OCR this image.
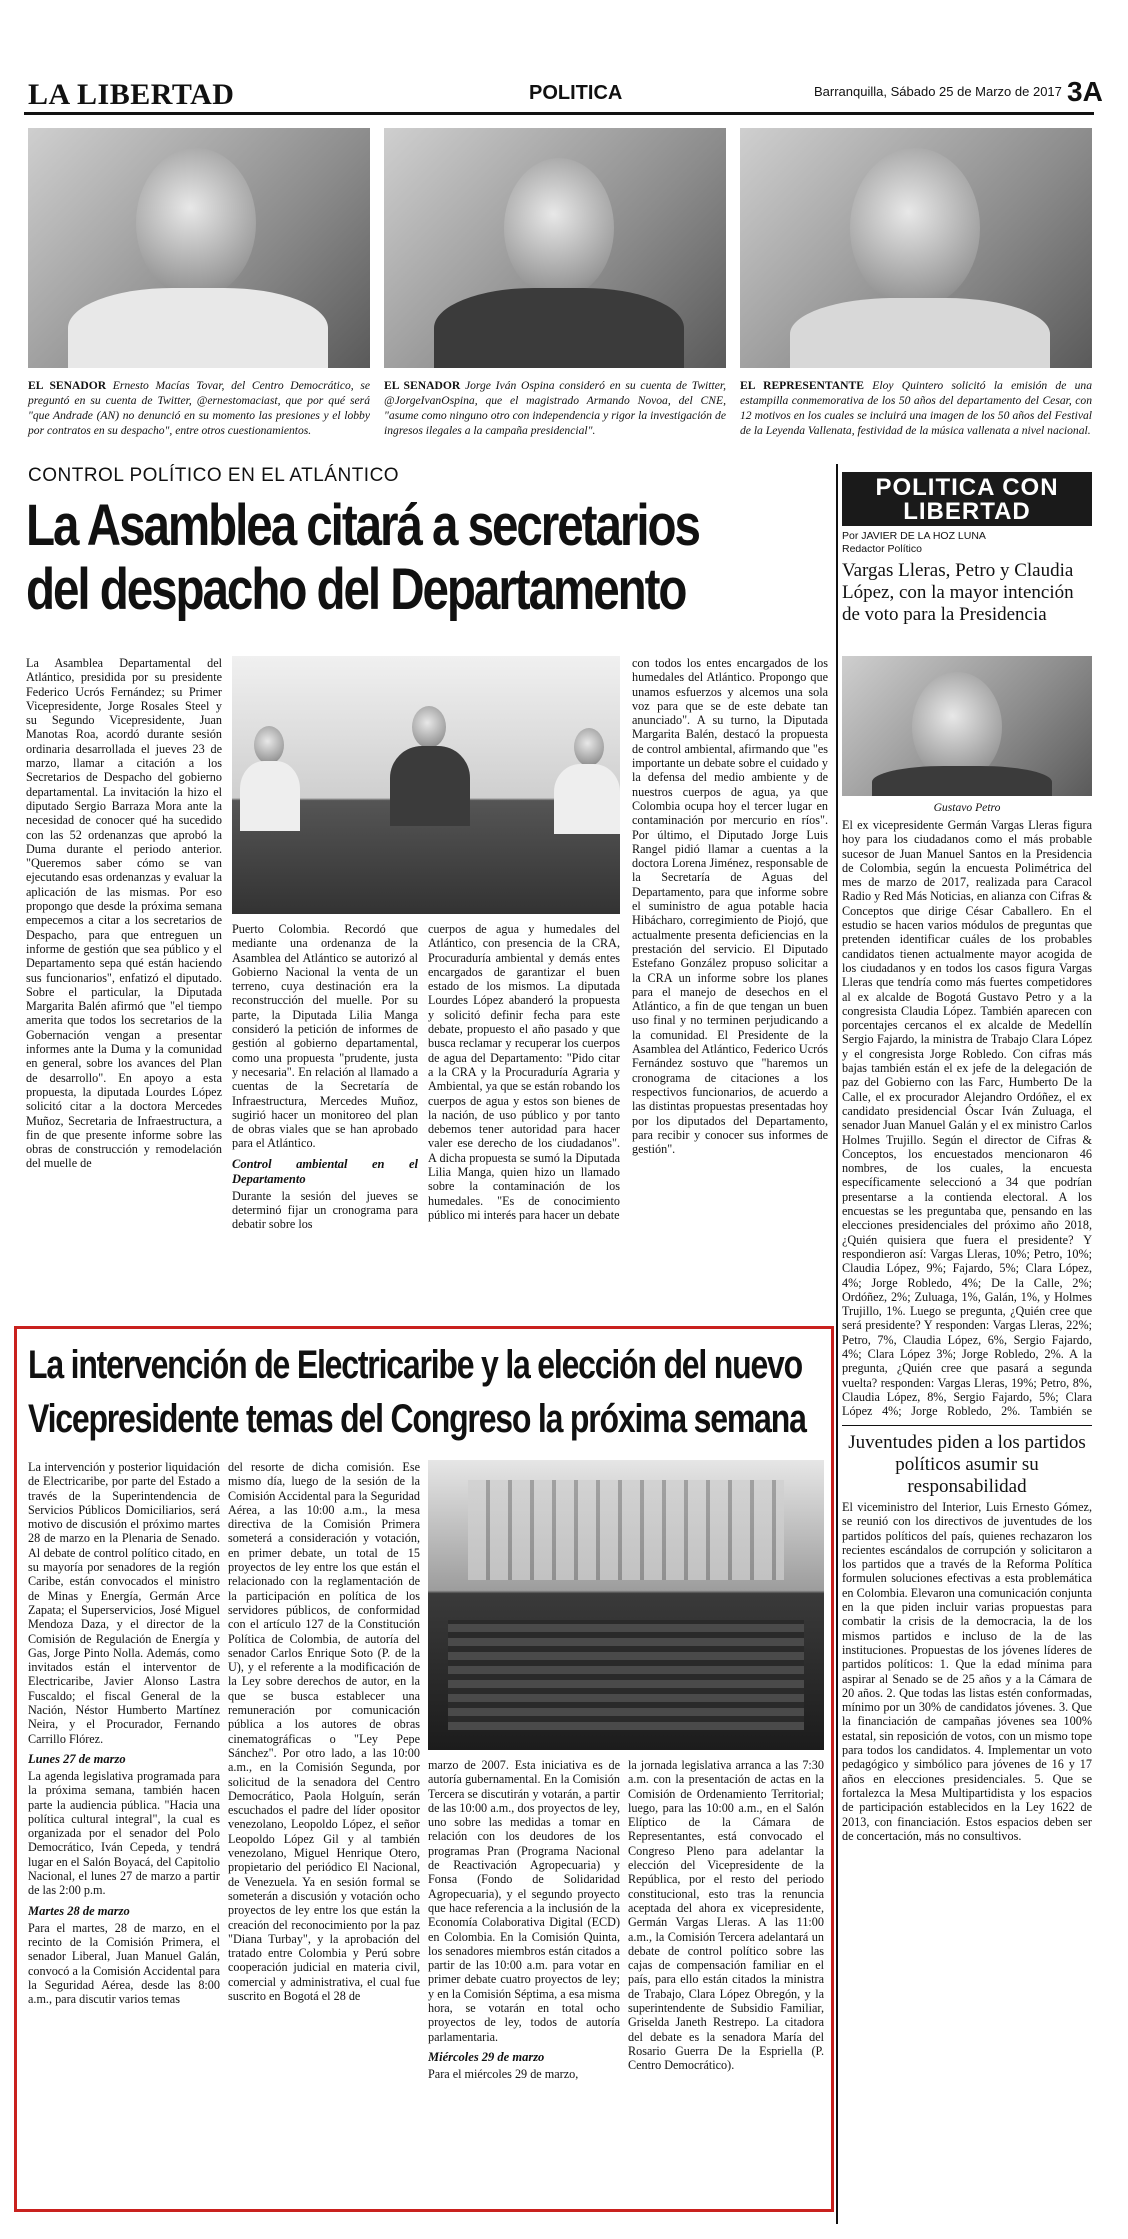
LA LIBERTAD	POLITICA	Barranquilla, Sábado 25 de Marzo de 2017 3A
EL SENADOR Ernesto Macías Tovar, del Centro Democrático, se preguntó en su cuenta de Twitter, @ernestomaciast, que por qué será "que Andrade (AN) no denunció en su momento las presiones y el lobby por contratos en su despacho", entre otros cuestionamientos.
EL SENADOR Jorge Iván Ospina consideró en su cuenta de Twitter, @JorgeIvanOspina, que el magistrado Armando Novoa, del CNE, "asume como ninguno otro con independencia y rigor la investigación de ingresos ilegales a la campaña presidencial".
EL REPRESENTANTE Eloy Quintero solicitó la emisión de una estampilla conmemorativa de los 50 años del departamento del Cesar, con 12 motivos en los cuales se incluirá una imagen de los 50 años del Festival de la Leyenda Vallenata, festividad de la música vallenata a nivel nacional.
CONTROL POLÍTICO EN EL ATLÁNTICO
La Asamblea citará a secretarios
del despacho del Departamento

La Asamblea Departamental del Atlántico, presidida por su presidente Federico Ucrós Fernández; su Primer Vicepresidente, Jorge Rosales Steel y su Segundo Vicepresidente, Juan Manotas Roa, acordó durante sesión ordinaria desarrollada el jueves 23 de marzo, llamar a citación a los Secretarios de Despacho del gobierno departamental. La invitación la hizo el diputado Sergio Barraza Mora ante la necesidad de conocer qué ha sucedido con las 52 ordenanzas que aprobó la Duma durante el periodo anterior. "Queremos saber cómo se van ejecutando esas ordenanzas y evaluar la aplicación de las mismas. Por eso propongo que desde la próxima semana empecemos a citar a los secretarios de Despacho, para que entreguen un informe de gestión que sea público y el Departamento sepa qué están haciendo sus funcionarios", enfatizó el diputado. Sobre el particular, la Diputada Margarita Balén afirmó que "el tiempo amerita que todos los secretarios de la Gobernación vengan a presentar informes ante la Duma y la comunidad en general, sobre los avances del Plan de desarrollo". En apoyo a esta propuesta, la diputada Lourdes López solicitó citar a la doctora Mercedes Muñoz, Secretaria de Infraestructura, a fin de que presente informe sobre las obras de construcción y remodelación del muelle de

Puerto Colombia. Recordó que mediante una ordenanza de la Asamblea del Atlántico se autorizó al Gobierno Nacional la venta de un terreno, cuya destinación era la reconstrucción del muelle. Por su parte, la Diputada Lilia Manga consideró la petición de informes de gestión al gobierno departamental, como una propuesta "prudente, justa y necesaria". En relación al llamado a cuentas de la Secretaría de Infraestructura, Mercedes Muñoz, sugirió hacer un monitoreo del plan de obras viales que se han aprobado para el Atlántico.

Control ambiental en el Departamento

Durante la sesión del jueves se determinó fijar un cronograma para debatir sobre los

cuerpos de agua y humedales del Atlántico, con presencia de la CRA, Procuraduría ambiental y demás entes encargados de garantizar el buen estado de los mismos. La diputada Lourdes López abanderó la propuesta y solicitó definir fecha para este debate, propuesto el año pasado y que busca reclamar y recuperar los cuerpos de agua del Departamento: "Pido citar a la CRA y la Procuraduría Agraria y Ambiental, ya que se están robando los cuerpos de agua y estos son bienes de la nación, de uso público y por tanto debemos tener autoridad para hacer valer ese derecho de los ciudadanos". A dicha propuesta se sumó la Diputada Lilia Manga, quien hizo un llamado sobre la contaminación de los humedales. "Es de conocimiento público mi interés para hacer un debate

con todos los entes encargados de los humedales del Atlántico. Propongo que unamos esfuerzos y alcemos una sola voz para que se de este debate tan anunciado". A su turno, la Diputada Margarita Balén, destacó la propuesta de control ambiental, afirmando que "es importante un debate sobre el cuidado y la defensa del medio ambiente y de nuestros cuerpos de agua, ya que Colombia ocupa hoy el tercer lugar en contaminación por mercurio en ríos". Por último, el Diputado Jorge Luis Rangel pidió llamar a cuentas a la doctora Lorena Jiménez, responsable de la Secretaría de Aguas del Departamento, para que informe sobre el suministro de agua potable hacia Hibácharo, corregimiento de Piojó, que actualmente presenta deficiencias en la prestación del servicio. El Diputado Estefano González propuso solicitar a la CRA un informe sobre los planes para el manejo de desechos en el Atlántico, a fin de que tengan un buen uso final y no terminen perjudicando a la comunidad. El Presidente de la Asamblea del Atlántico, Federico Ucrós Fernández sostuvo que "haremos un cronograma de citaciones a los respectivos funcionarios, de acuerdo a las distintas propuestas presentadas hoy por los diputados del Departamento, para recibir y conocer sus informes de gestión".

POLITICA CON
LIBERTAD
Por JAVIER DE LA HOZ LUNA
Redactor Político
Vargas Lleras, Petro y Claudia López, con la mayor intención de voto para la Presidencia
Gustavo Petro

El ex vicepresidente Germán Vargas Lleras figura hoy para los ciudadanos como el más probable sucesor de Juan Manuel Santos en la Presidencia de Colombia, según la encuesta Polimétrica del mes de marzo de 2017, realizada para Caracol Radio y Red Más Noticias, en alianza con Cifras & Conceptos que dirige César Caballero. En el estudio se hacen varios módulos de preguntas que pretenden identificar cuáles de los probables candidatos tienen actualmente mayor acogida de los ciudadanos y en todos los casos figura Vargas Lleras que tendría como más fuertes competidores al ex alcalde de Bogotá Gustavo Petro y a la congresista Claudia López. También aparecen con porcentajes cercanos el ex alcalde de Medellín Sergio Fajardo, la ministra de Trabajo Clara López y el congresista Jorge Robledo. Con cifras más bajas también están el ex jefe de la delegación de paz del Gobierno con las Farc, Humberto De la Calle, el ex procurador Alejandro Ordóñez, el ex candidato presidencial Óscar Iván Zuluaga, el senador Juan Manuel Galán y el ex ministro Carlos Holmes Trujillo. Según el director de Cifras & Conceptos, los encuestados mencionaron 46 nombres, de los cuales, la encuesta específicamente seleccionó a 34 que podrían presentarse a la contienda electoral. A los encuestas se les preguntaba que, pensando en las elecciones presidenciales del próximo año 2018, ¿Quién quisiera que fuera el presidente? Y respondieron así: Vargas Lleras, 10%; Petro, 10%; Claudia López, 9%; Fajardo, 5%; Clara López, 4%; Jorge Robledo, 4%; De la Calle, 2%; Ordóñez, 2%; Zuluaga, 1%, Galán, 1%, y Holmes Trujillo, 1%. Luego se pregunta, ¿Quién cree que será presidente? Y responden: Vargas Lleras, 22%; Petro, 7%, Claudia López, 6%, Sergio Fajardo, 4%; Clara López 3%; Jorge Robledo, 2%. A la pregunta, ¿Quién cree que pasará a segunda vuelta? responden: Vargas Lleras, 19%; Petro, 8%, Claudia López, 8%, Sergio Fajardo, 5%; Clara López 4%; Jorge Robledo, 2%. También se

Juventudes piden a los partidos políticos asumir su responsabilidad

El viceministro del Interior, Luis Ernesto Gómez, se reunió con los directivos de juventudes de los partidos políticos del país, quienes rechazaron los recientes escándalos de corrupción y solicitaron a los partidos que a través de la Reforma Política formulen soluciones efectivas a esta problemática en Colombia. Elevaron una comunicación conjunta en la que piden incluir varias propuestas para combatir la crisis de la democracia, la de los mismos partidos e incluso de la de las instituciones. Propuestas de los jóvenes líderes de partidos políticos: 1. Que la edad mínima para aspirar al Senado se de 25 años y a la Cámara de 20 años. 2. Que todas las listas estén conformadas, mínimo por un 30% de candidatos jóvenes. 3. Que la financiación de campañas jóvenes sea 100% estatal, sin reposición de votos, con un mismo tope para todos los candidatos. 4. Implementar un voto pedagógico y simbólico para jóvenes de 16 y 17 años en elecciones presidenciales. 5. Que se fortalezca la Mesa Multipartidista y los espacios de participación establecidos en la Ley 1622 de 2013, con financiación. Estos espacios deben ser de concertación, más no consultivos.

La intervención de Electricaribe y la elección del nuevo
Vicepresidente temas del Congreso la próxima semana

La intervención y posterior liquidación de Electricaribe, por parte del Estado a través de la Superintendencia de Servicios Públicos Domiciliarios, será motivo de discusión el próximo martes 28 de marzo en la Plenaria de Senado. Al debate de control político citado, en su mayoría por senadores de la región Caribe, están convocados el ministro de Minas y Energía, Germán Arce Zapata; el Superservicios, José Miguel Mendoza Daza, y el director de la Comisión de Regulación de Energía y Gas, Jorge Pinto Nolla. Además, como invitados están el interventor de Electricaribe, Javier Alonso Lastra Fuscaldo; el fiscal General de la Nación, Néstor Humberto Martínez Neira, y el Procurador, Fernando Carrillo Flórez.

Lunes 27 de marzo

La agenda legislativa programada para la próxima semana, también hacen parte la audiencia pública. "Hacia una política cultural integral", la cual es organizada por el senador del Polo Democrático, Iván Cepeda, y tendrá lugar en el Salón Boyacá, del Capitolio Nacional, el lunes 27 de marzo a partir de las 2:00 p.m.

Martes 28 de marzo

Para el martes, 28 de marzo, en el recinto de la Comisión Primera, el senador Liberal, Juan Manuel Galán, convocó a la Comisión Accidental para la Seguridad Aérea, desde las 8:00 a.m., para discutir varios temas

del resorte de dicha comisión. Ese mismo día, luego de la sesión de la Comisión Accidental para la Seguridad Aérea, a las 10:00 a.m., la mesa directiva de la Comisión Primera someterá a consideración y votación, en primer debate, un total de 15 proyectos de ley entre los que están el relacionado con la reglamentación de la participación en política de los servidores públicos, de conformidad con el artículo 127 de la Constitución Política de Colombia, de autoría del senador Carlos Enrique Soto (P. de la U), y el referente a la modificación de la Ley sobre derechos de autor, en la que se busca establecer una remuneración por comunicación pública a los autores de obras cinematográficas o "Ley Pepe Sánchez". Por otro lado, a las 10:00 a.m., en la Comisión Segunda, por solicitud de la senadora del Centro Democrático, Paola Holguín, serán escuchados el padre del líder opositor venezolano, Leopoldo López, el señor Leopoldo López Gil y al también venezolano, Miguel Henrique Otero, propietario del periódico El Nacional, de Venezuela. Ya en sesión formal se someterán a discusión y votación ocho proyectos de ley entre los que están la creación del reconocimiento por la paz "Diana Turbay", y la aprobación del tratado entre Colombia y Perú sobre cooperación judicial en materia civil, comercial y administrativa, el cual fue suscrito en Bogotá el 28 de

marzo de 2007. Esta iniciativa es de autoría gubernamental. En la Comisión Tercera se discutirán y votarán, a partir de las 10:00 a.m., dos proyectos de ley, uno sobre las medidas a tomar en relación con los deudores de los programas Pran (Programa Nacional de Reactivación Agropecuaria) y Fonsa (Fondo de Solidaridad Agropecuaria), y el segundo proyecto que hace referencia a la inclusión de la Economía Colaborativa Digital (ECD) en Colombia. En la Comisión Quinta, los senadores miembros están citados a partir de las 10:00 a.m. para votar en primer debate cuatro proyectos de ley; y en la Comisión Séptima, a esa misma hora, se votarán en total ocho proyectos de ley, todos de autoría parlamentaria.

Miércoles 29 de marzo

Para el miércoles 29 de marzo,

la jornada legislativa arranca a las 7:30 a.m. con la presentación de actas en la Comisión de Ordenamiento Territorial; luego, para las 10:00 a.m., en el Salón Elíptico de la Cámara de Representantes, está convocado el Congreso Pleno para adelantar la elección del Vicepresidente de la República, por el resto del periodo constitucional, esto tras la renuncia aceptada del ahora ex vicepresidente, Germán Vargas Lleras. A las 11:00 a.m., la Comisión Tercera adelantará un debate de control político sobre las cajas de compensación familiar en el país, para ello están citados la ministra de Trabajo, Clara López Obregón, y la superintendente de Subsidio Familiar, Griselda Janeth Restrepo. La citadora del debate es la senadora María del Rosario Guerra De la Espriella (P. Centro Democrático).
